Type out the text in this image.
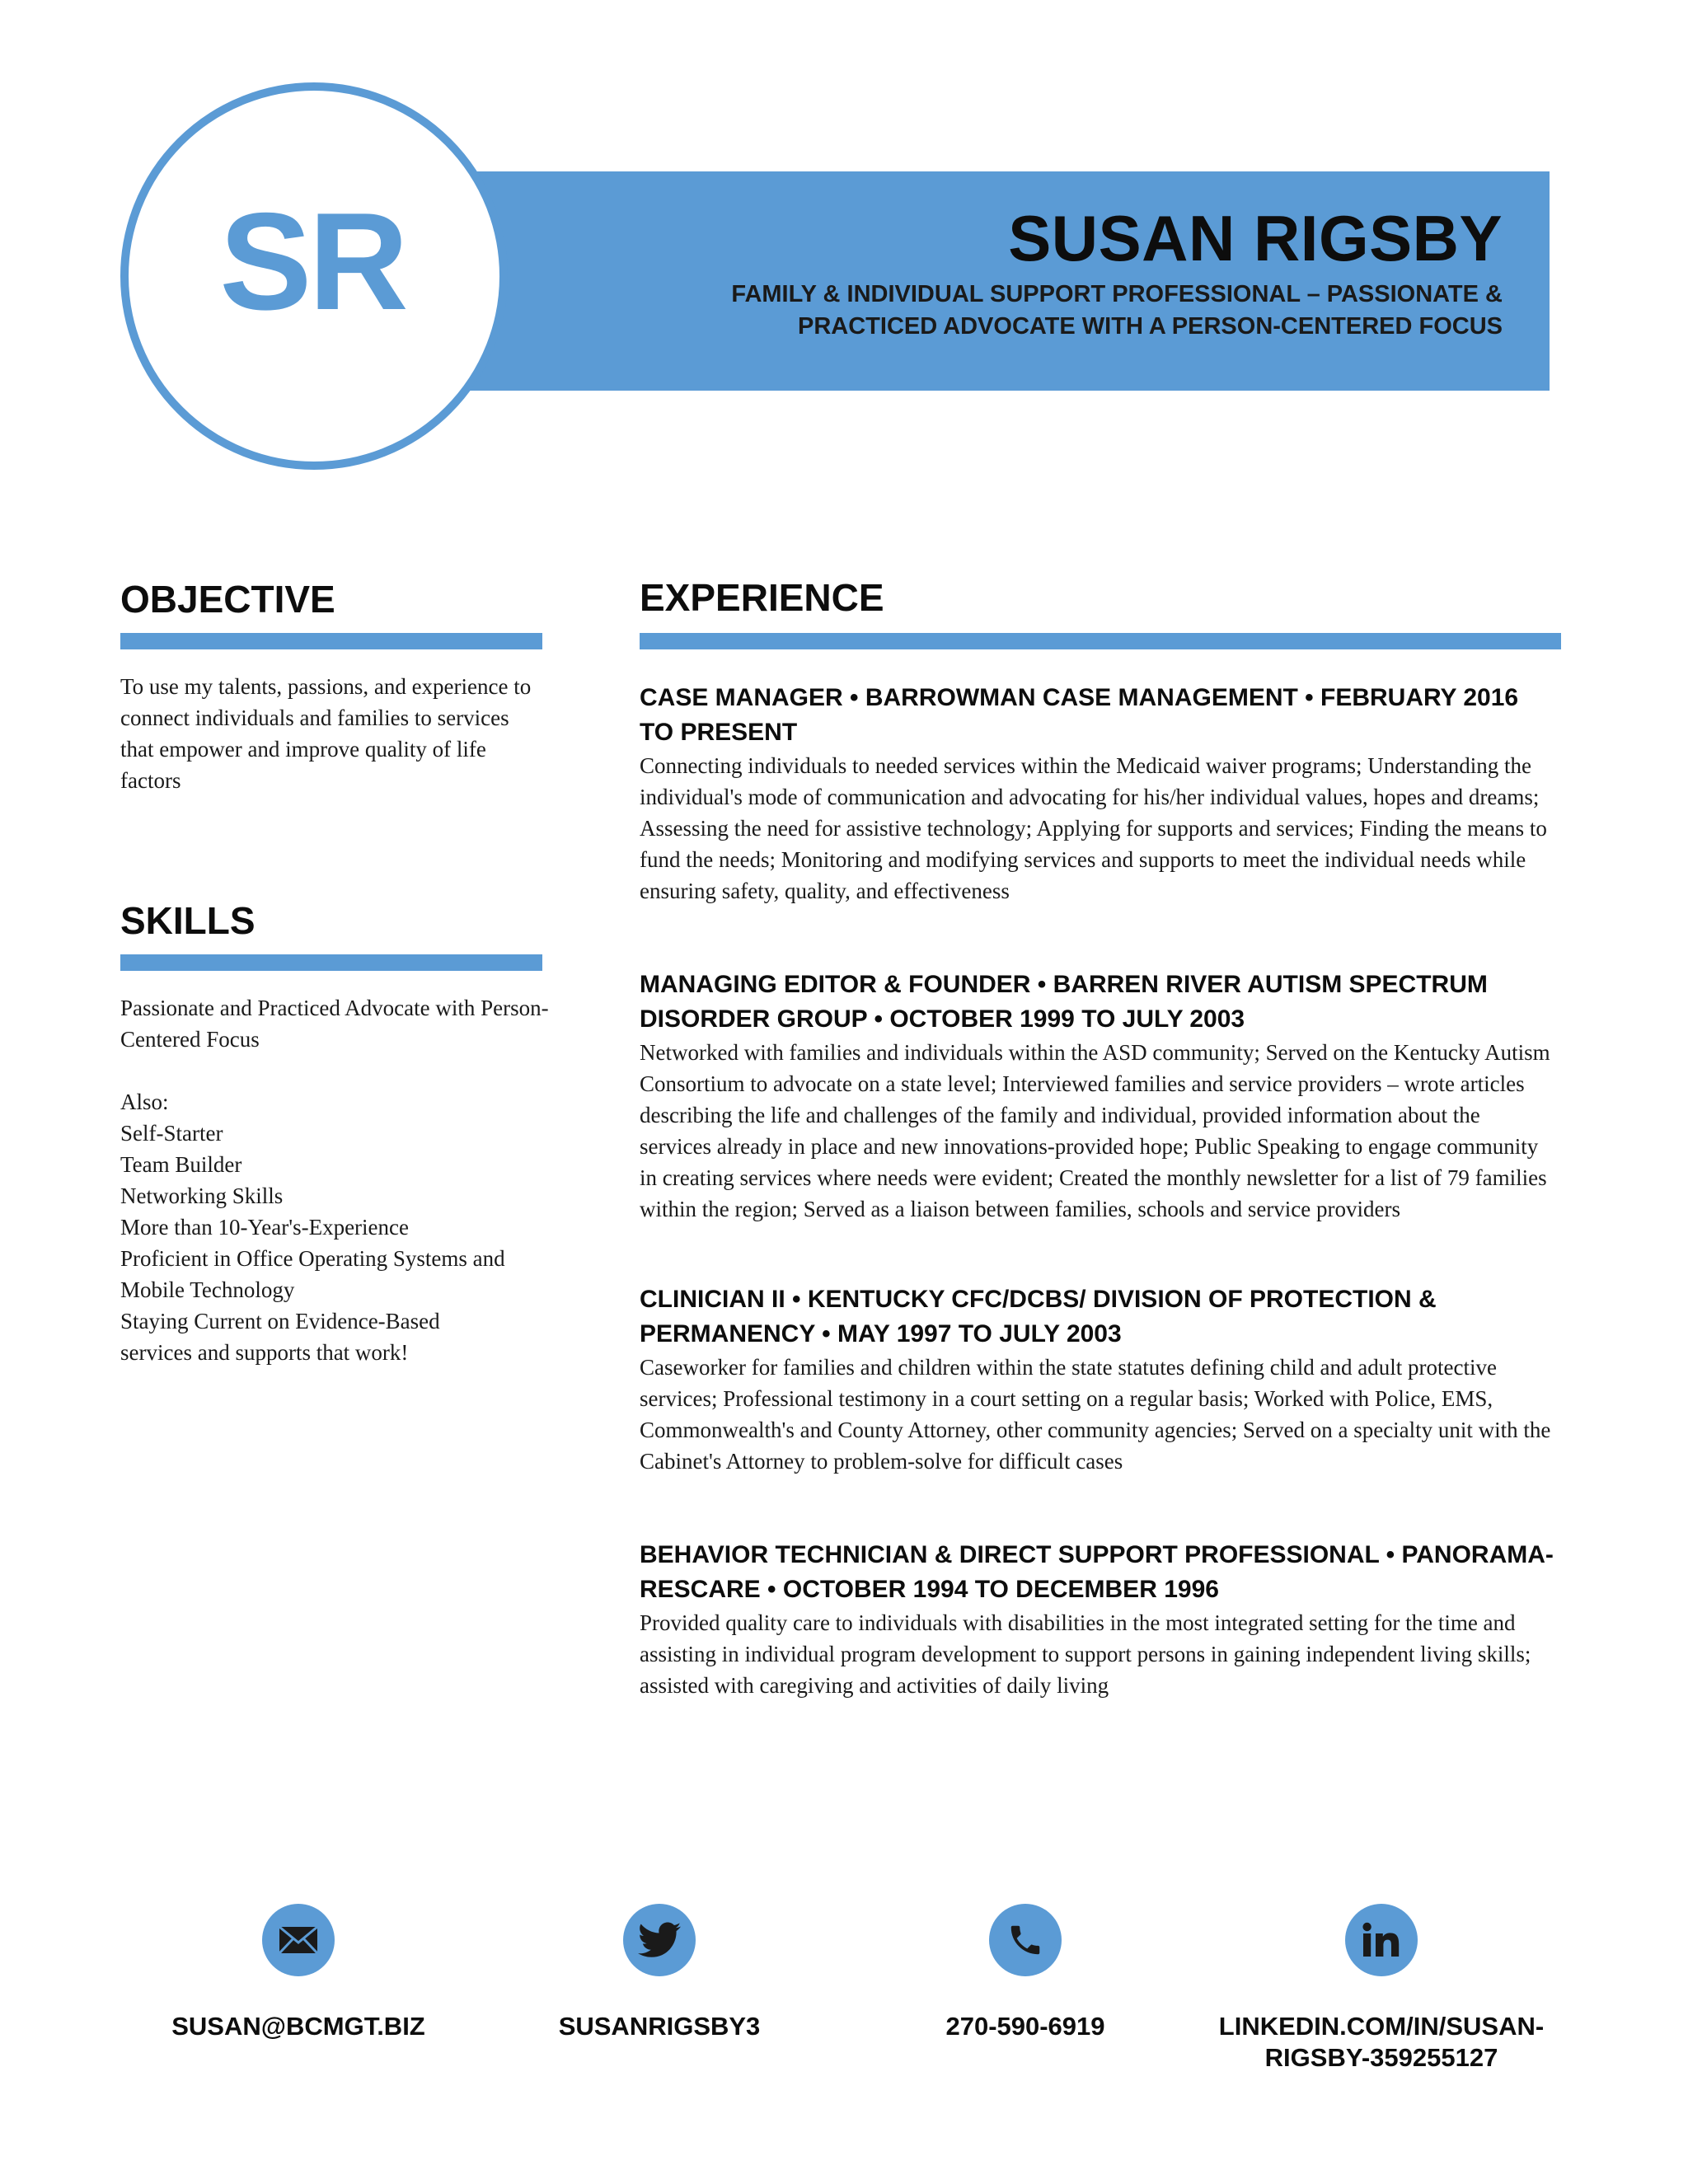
SR	SUSAN RIGSBY

FAMILY & INDIVIDUAL SUPPORT PROFESSIONAL – PASSIONATE &
PRACTICED ADVOCATE WITH A PERSON-CENTERED FOCUS

OBJECTIVE

To use my talents, passions, and experience to connect individuals and families to services that empower and improve quality of life factors

SKILLS
Passionate and Practiced Advocate with Person-Centered Focus
Also:
Self-Starter
Team Builder
Networking Skills
More than 10-Year's-Experience
Proficient in Office Operating Systems and Mobile Technology
Staying Current on Evidence-Based services and supports that work!
EXPERIENCE

CASE MANAGER • BARROWMAN CASE MANAGEMENT • FEBRUARY 2016 TO PRESENT

Connecting individuals to needed services within the Medicaid waiver programs; Understanding the individual's mode of communication and advocating for his/her individual values, hopes and dreams; Assessing the need for assistive technology; Applying for supports and services; Finding the means to fund the needs; Monitoring and modifying services and supports to meet the individual needs while ensuring safety, quality, and effectiveness

MANAGING EDITOR & FOUNDER • BARREN RIVER AUTISM SPECTRUM DISORDER GROUP • OCTOBER 1999 TO JULY 2003

Networked with families and individuals within the ASD community; Served on the Kentucky Autism Consortium to advocate on a state level; Interviewed families and service providers – wrote articles describing the life and challenges of the family and individual, provided information about the services already in place and new innovations-provided hope; Public Speaking to engage community in creating services where needs were evident; Created the monthly newsletter for a list of 79 families within the region; Served as a liaison between families, schools and service providers

CLINICIAN II • KENTUCKY CFC/DCBS/ DIVISION OF PROTECTION & PERMANENCY • MAY 1997 TO JULY 2003

Caseworker for families and children within the state statutes defining child and adult protective services; Professional testimony in a court setting on a regular basis; Worked with Police, EMS, Commonwealth's and County Attorney, other community agencies; Served on a specialty unit with the Cabinet's Attorney to problem-solve for difficult cases

BEHAVIOR TECHNICIAN & DIRECT SUPPORT PROFESSIONAL • PANORAMA-RESCARE • OCTOBER 1994 TO DECEMBER 1996

Provided quality care to individuals with disabilities in the most integrated setting for the time and assisting in individual program development to support persons in gaining independent living skills; assisted with caregiving and activities of daily living

SUSAN@BCMGT.BIZ	SUSANRIGSBY3	270-590-6919	LINKEDIN.COM/IN/SUSAN-RIGSBY-359255127
